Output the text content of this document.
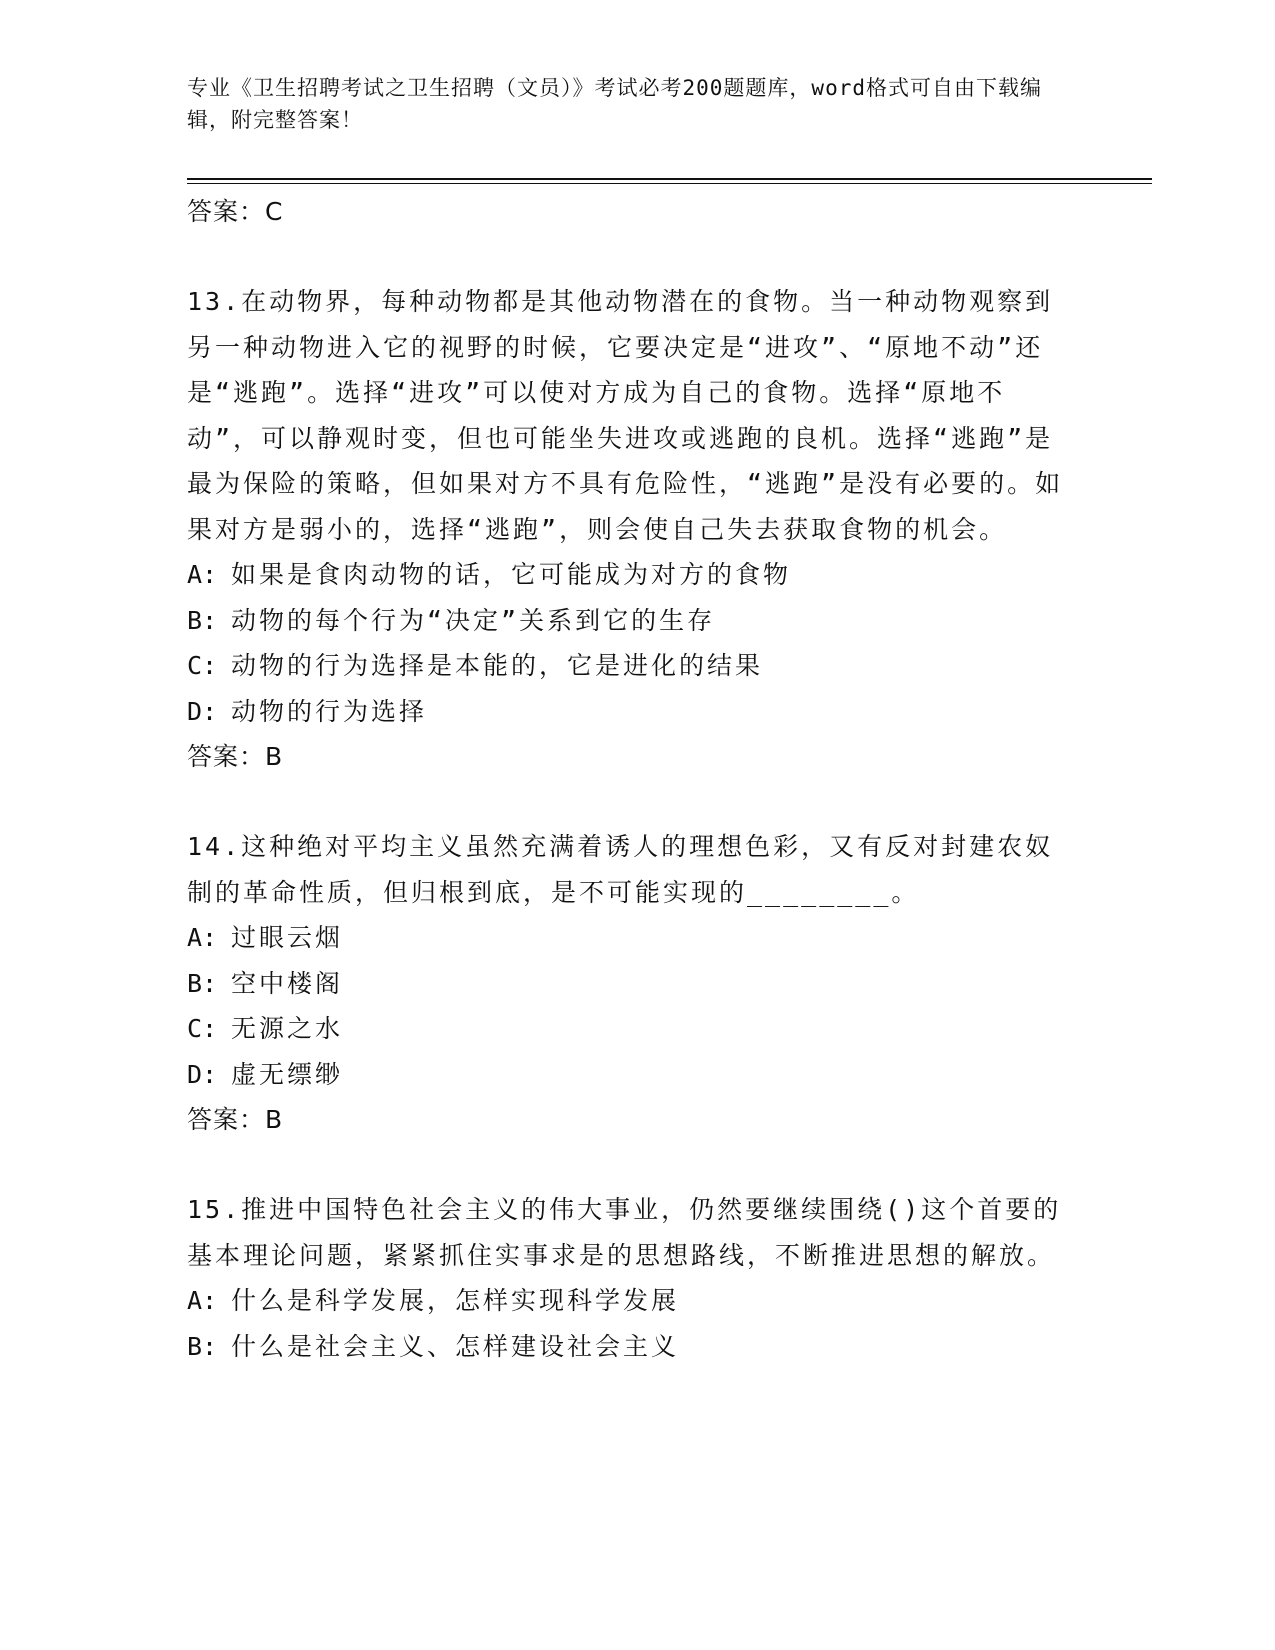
专业《卫生招聘考试之卫生招聘（文员）》考试必考200题题库，word格式可自由下载编辑，附完整答案！
答案：C
13.在动物界，每种动物都是其他动物潜在的食物。当一种动物观察到另一种动物进入它的视野的时候，它要决定是“进攻”、“原地不动”还是“逃跑”。选择“进攻”可以使对方成为自己的食物。选择“原地不动”，可以静观时变，但也可能坐失进攻或逃跑的良机。选择“逃跑”是最为保险的策略，但如果对方不具有危险性，“逃跑”是没有必要的。如果对方是弱小的，选择“逃跑”，则会使自己失去获取食物的机会。
A: 如果是食肉动物的话，它可能成为对方的食物
B: 动物的每个行为“决定”关系到它的生存
C: 动物的行为选择是本能的，它是进化的结果
D: 动物的行为选择
答案：B
14.这种绝对平均主义虽然充满着诱人的理想色彩，又有反对封建农奴制的革命性质，但归根到底，是不可能实现的________。
A: 过眼云烟
B: 空中楼阁
C: 无源之水
D: 虚无缥缈
答案：B
15.推进中国特色社会主义的伟大事业，仍然要继续围绕()这个首要的基本理论问题，紧紧抓住实事求是的思想路线，不断推进思想的解放。
A: 什么是科学发展，怎样实现科学发展
B: 什么是社会主义、怎样建设社会主义
